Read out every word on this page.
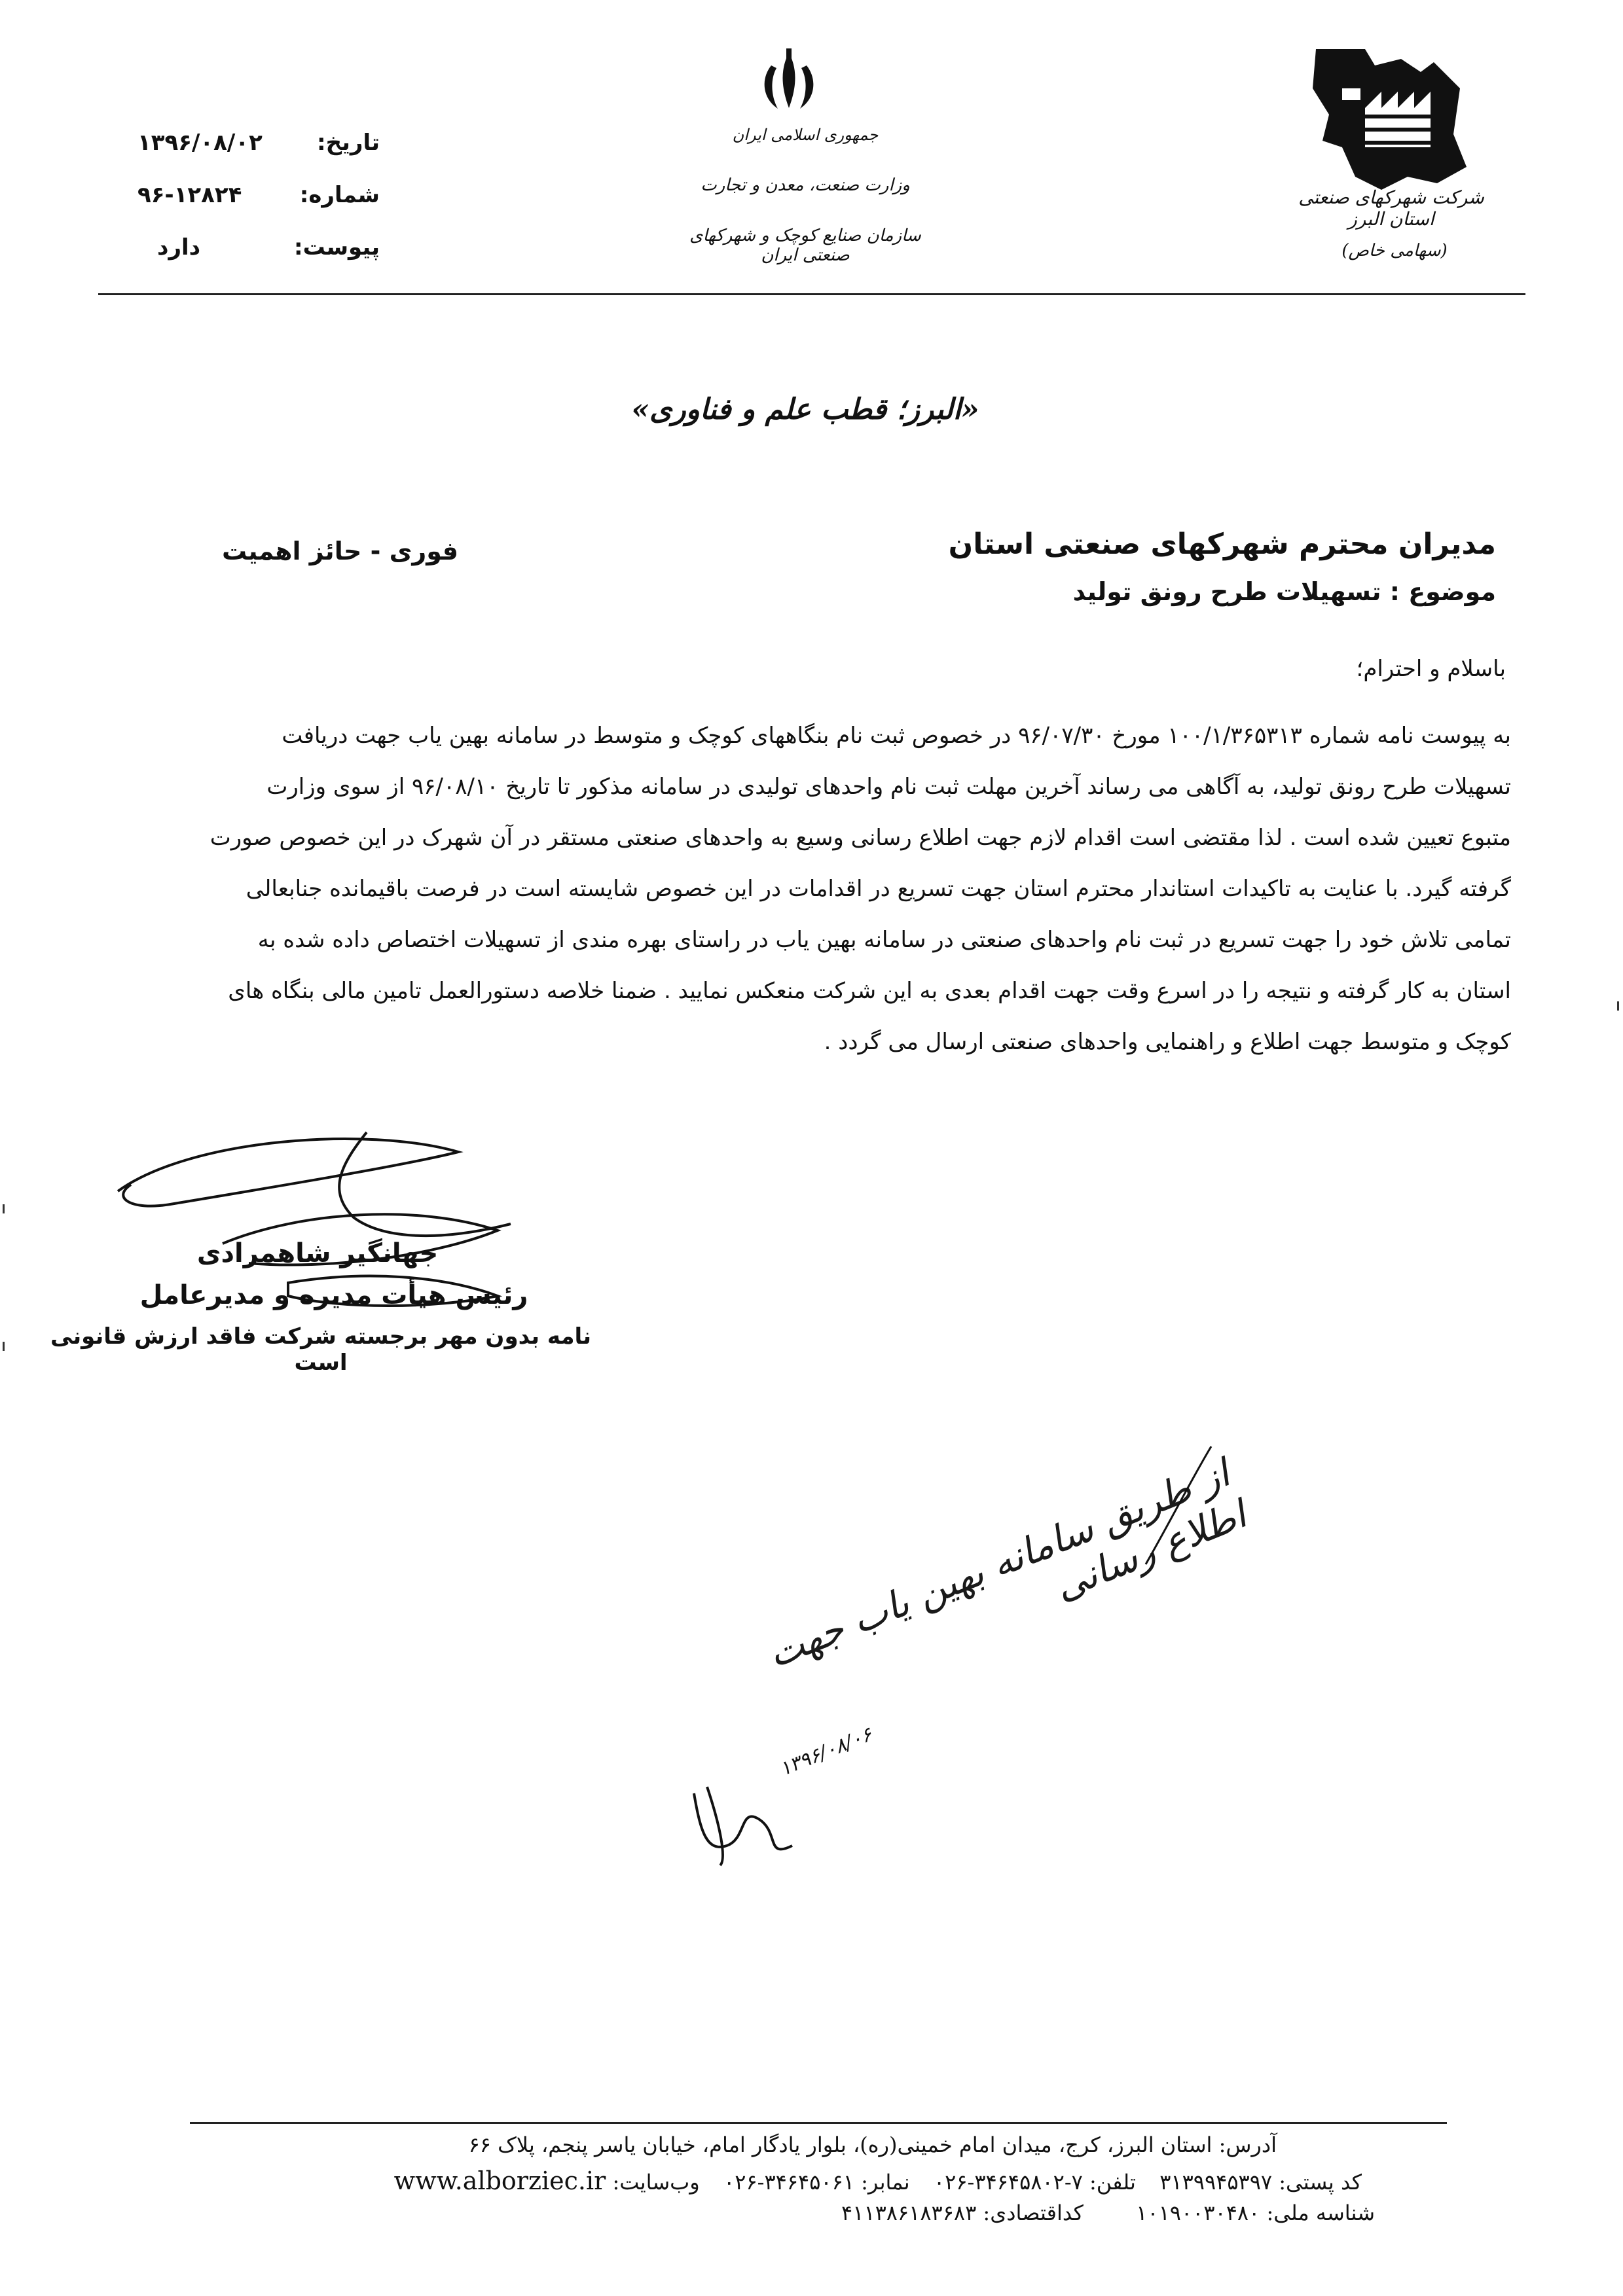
تاریخ:
۱۳۹۶/۰۸/۰۲
شماره:
۹۶-۱۲۸۲۴
پیوست:
دارد
جمهوری اسلامی ایران
وزارت صنعت، معدن و تجارت
سازمان صنایع کوچک و شهرکهای صنعتی ایران
شرکت شهرکهای صنعتی استان البرز
(سهامی خاص)
«البرز؛ قطب علم و فناوری»
مدیران محترم شهرکهای صنعتی استان
فوری - حائز اهمیت
موضوع : تسهیلات طرح رونق تولید
باسلام و احترام؛
به پیوست نامه شماره ۱۰۰/۱/۳۶۵۳۱۳ مورخ ۹۶/۰۷/۳۰ در خصوص ثبت نام بنگاههای کوچک و متوسط در سامانه بهین یاب جهت دریافت
تسهیلات طرح رونق تولید، به آگاهی می رساند آخرین مهلت ثبت نام واحدهای تولیدی در سامانه مذکور تا تاریخ ۹۶/۰۸/۱۰ از سوی وزارت
متبوع تعیین شده است . لذا مقتضی است اقدام لازم جهت اطلاع رسانی وسیع به واحدهای صنعتی مستقر در آن شهرک در این خصوص صورت
گرفته گیرد. با عنایت به تاکیدات استاندار محترم استان جهت تسریع در اقدامات در این خصوص شایسته است در فرصت باقیمانده جنابعالی
تمامی تلاش خود را جهت تسریع در ثبت نام واحدهای صنعتی در سامانه بهین یاب در راستای بهره مندی از تسهیلات اختصاص داده شده به
استان به کار گرفته و نتیجه را در اسرع وقت جهت اقدام بعدی به این شرکت منعکس نمایید . ضمنا خلاصه دستورالعمل تامین مالی بنگاه های
کوچک و متوسط جهت اطلاع و راهنمایی واحدهای صنعتی ارسال می گردد .
جهانگیر شاهمرادی
رئیس هیأت مدیره و مدیرعامل
نامه بدون مهر برجسته شرکت فاقد ارزش قانونی است
از طریق سامانه بهین یاب جهت اطلاع رسانی
۱۳۹۶/۰۸/۰۶
آدرس: استان البرز، کرج، میدان امام خمینی(ره)، بلوار یادگار امام، خیابان یاسر پنجم، پلاک ۶۶
کد پستی: ۳۱۳۹۹۴۵۳۹۷  تلفن: ۷-۳۴۶۴۵۸۰۲-۰۲۶  نمابر: ۳۴۶۴۵۰۶۱-۰۲۶  وب‌سایت: www.alborziec.ir
شناسه ملی: ۱۰۱۹۰۰۳۰۴۸۰  کداقتصادی: ۴۱۱۳۸۶۱۸۳۶۸۳
